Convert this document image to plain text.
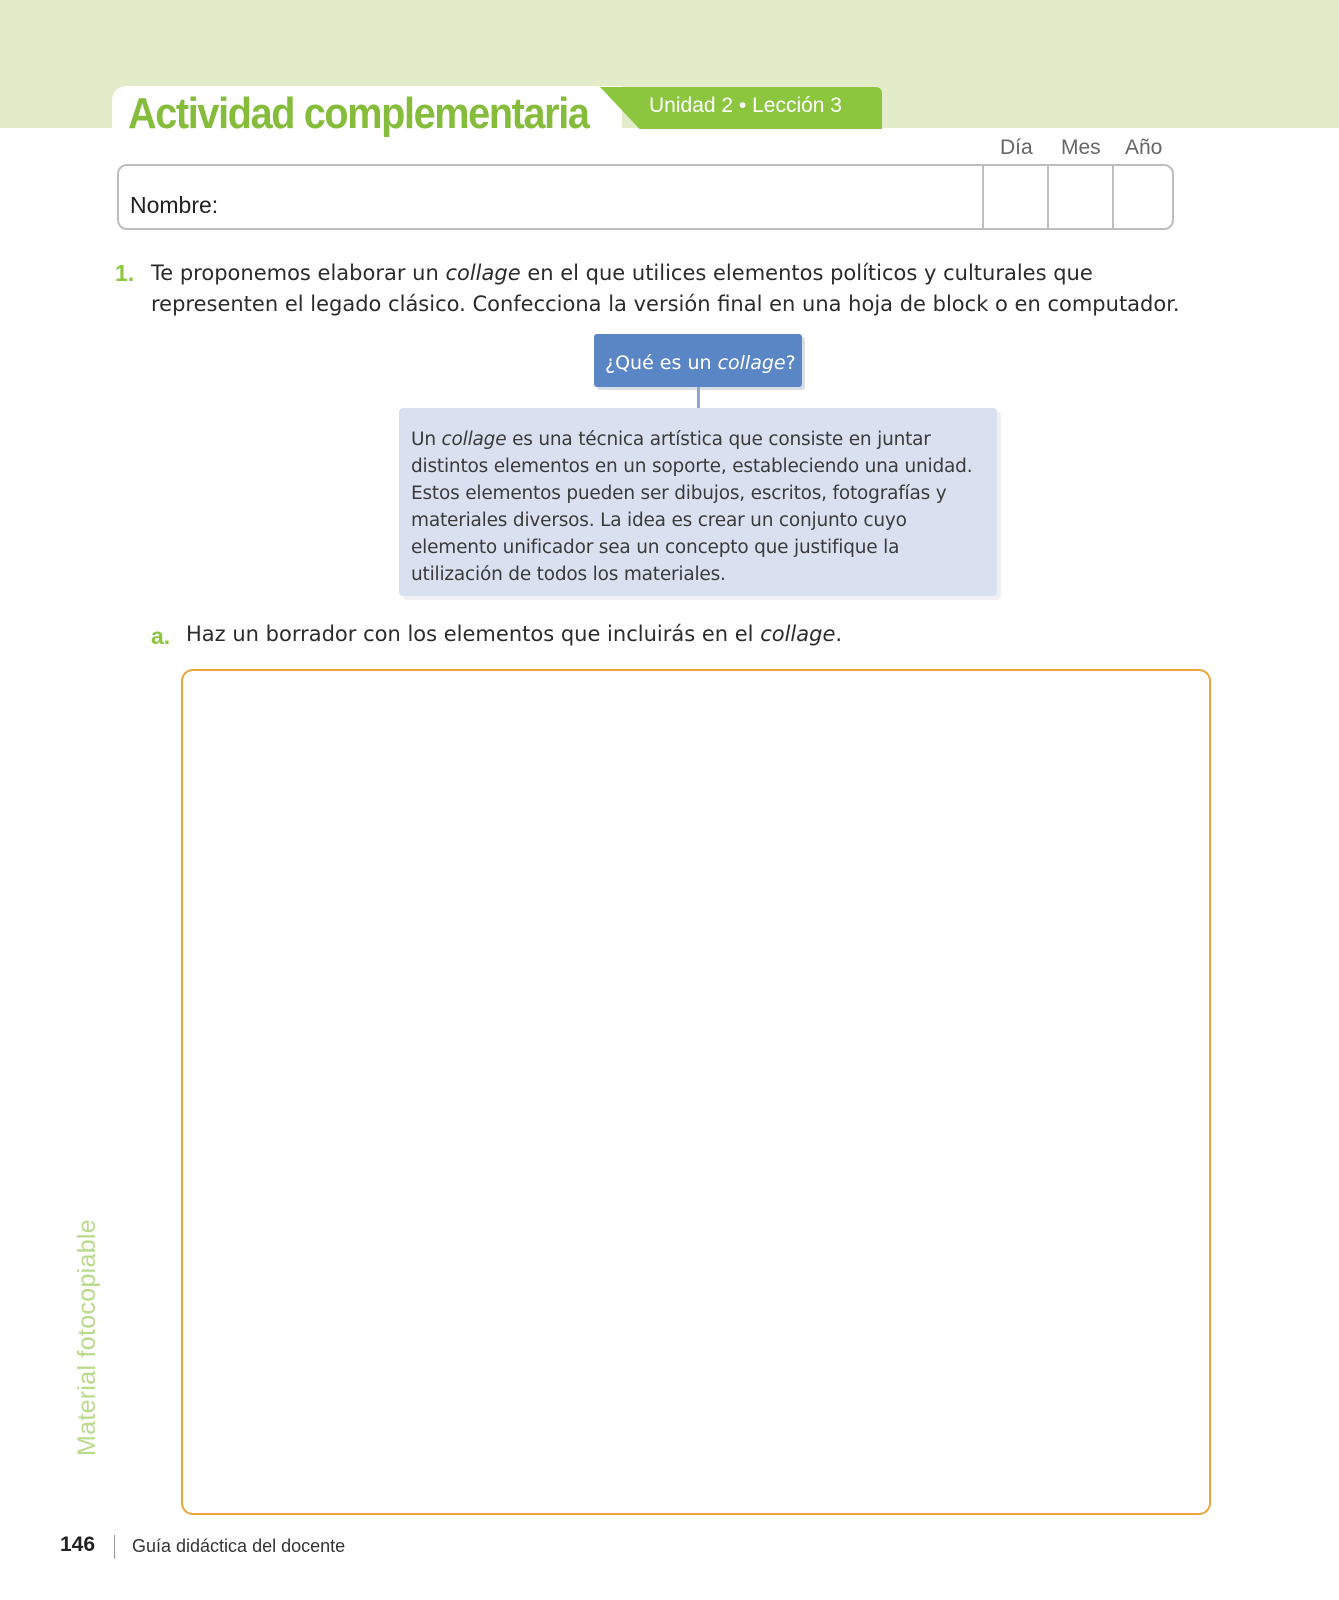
Actividad complementaria	Unidad 2 • Lección 3
Día Mes Año
Nombre:
1. Te proponemos elaborar un collage en el que utilices elementos políticos y culturales que representen el legado clásico. Confecciona la versión final en una hoja de block o en computador.
¿Qué es un collage?
Un collage es una técnica artística que consiste en juntar distintos elementos en un soporte, estableciendo una unidad. Estos elementos pueden ser dibujos, escritos, fotografías y materiales diversos. La idea es crear un conjunto cuyo elemento unificador sea un concepto que justifique la utilización de todos los materiales.
a. Haz un borrador con los elementos que incluirás en el collage.
Material fotocopiable
146 Guía didáctica del docente
